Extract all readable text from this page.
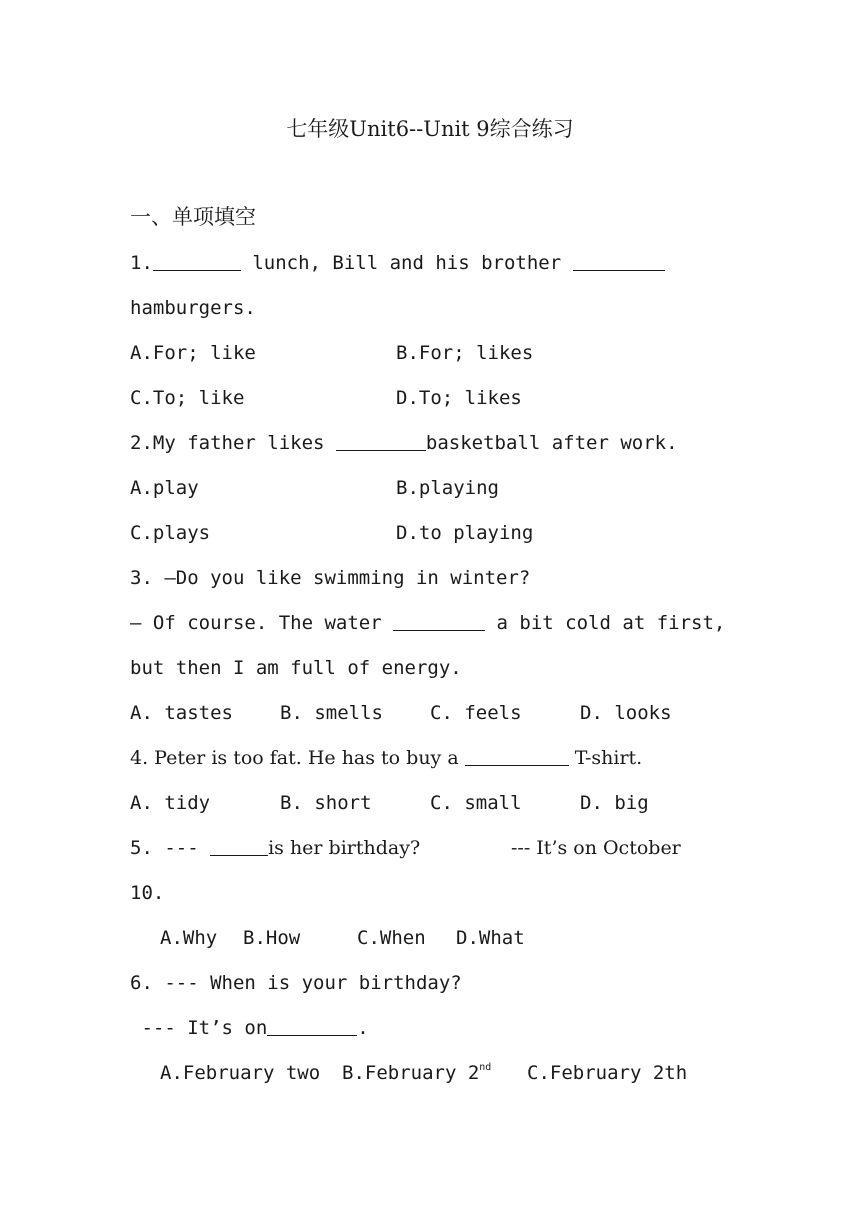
七年级Unit6--Unit 9综合练习
一、单项填空
1.	lunch, Bill and his brother
hamburgers.
A.For; like	B.For; likes
C.To; like	D.To; likes
2.My father likes	basketball after work.
A.play	B.playing
C.plays	D.to playing
3. —Do you like swimming in winter?
— Of course. The water	a bit cold at first,
but then I am full of energy.
A. tastes B. smells C. feels	D. looks
4. Peter is too fat. He has to buy a	T-shirt.
A. tidy	B. short	C. small	D. big
5. ---	is her birthday?	--- It’s on October
10.
A.Why B.How	C.When D.What
6. --- When is your birthday?
--- It’s on	.
A.February two B.February 2nd C.February 2th
